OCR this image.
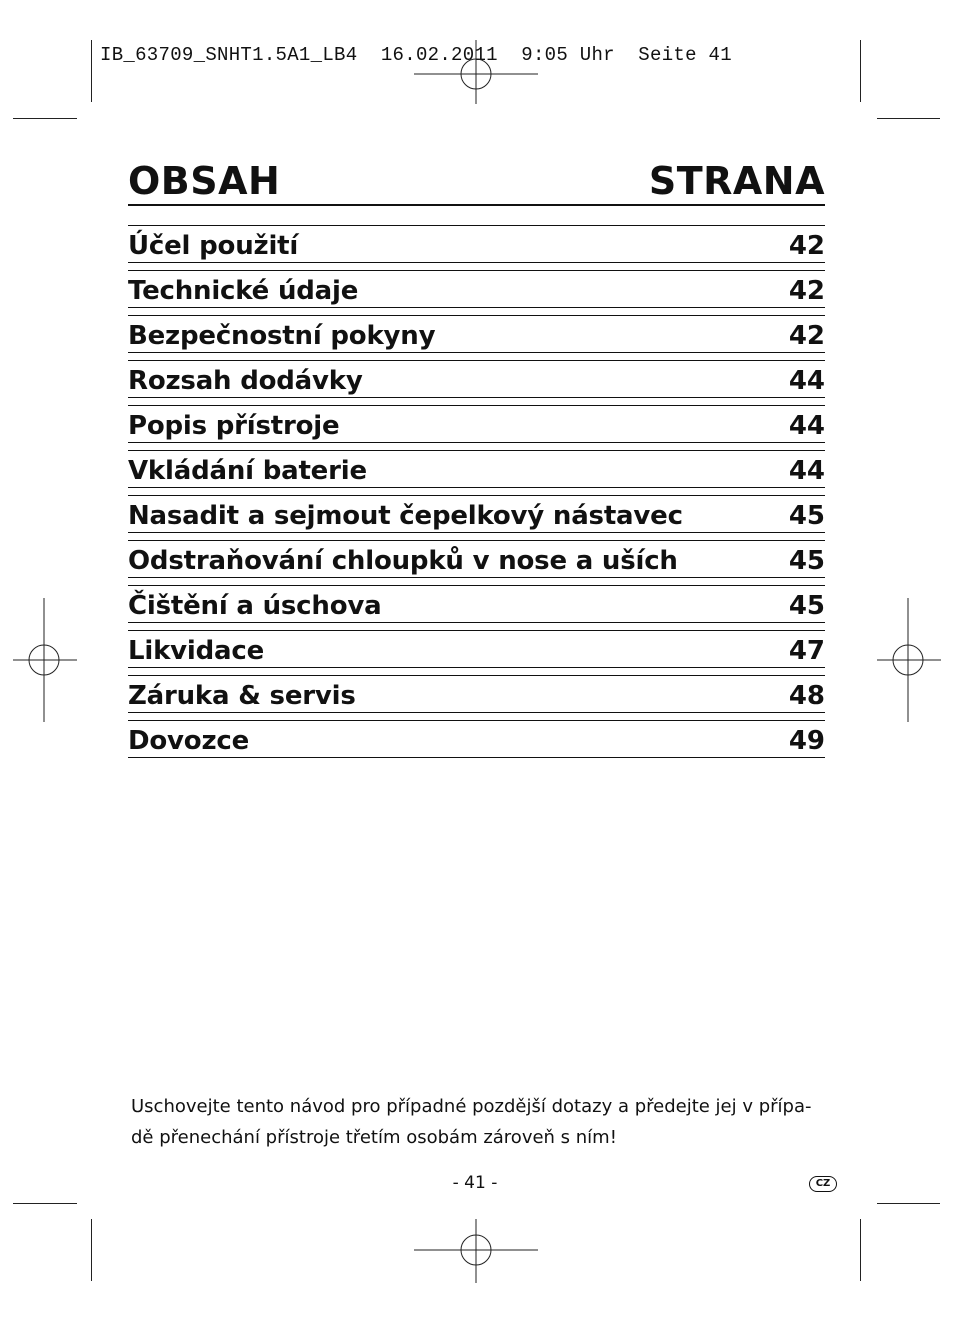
IB_63709_SNHT1.5A1_LB4  16.02.2011  9:05 Uhr  Seite 41
OBSAH	STRANA
Účel použití	42
Technické údaje	42
Bezpečnostní pokyny	42
Rozsah dodávky	44
Popis přístroje	44
Vkládání baterie	44
Nasadit a sejmout čepelkový nástavec	45
Odstraňování chloupků v nose a uších	45
Čištění a úschova	45
Likvidace	47
Záruka & servis	48
Dovozce	49

Uschovejte tento návod pro případné pozdější dotazy a předejte jej v přípa-

dě přenechání přístroje třetím osobám zároveň s ním!

- 41 -	CZ
